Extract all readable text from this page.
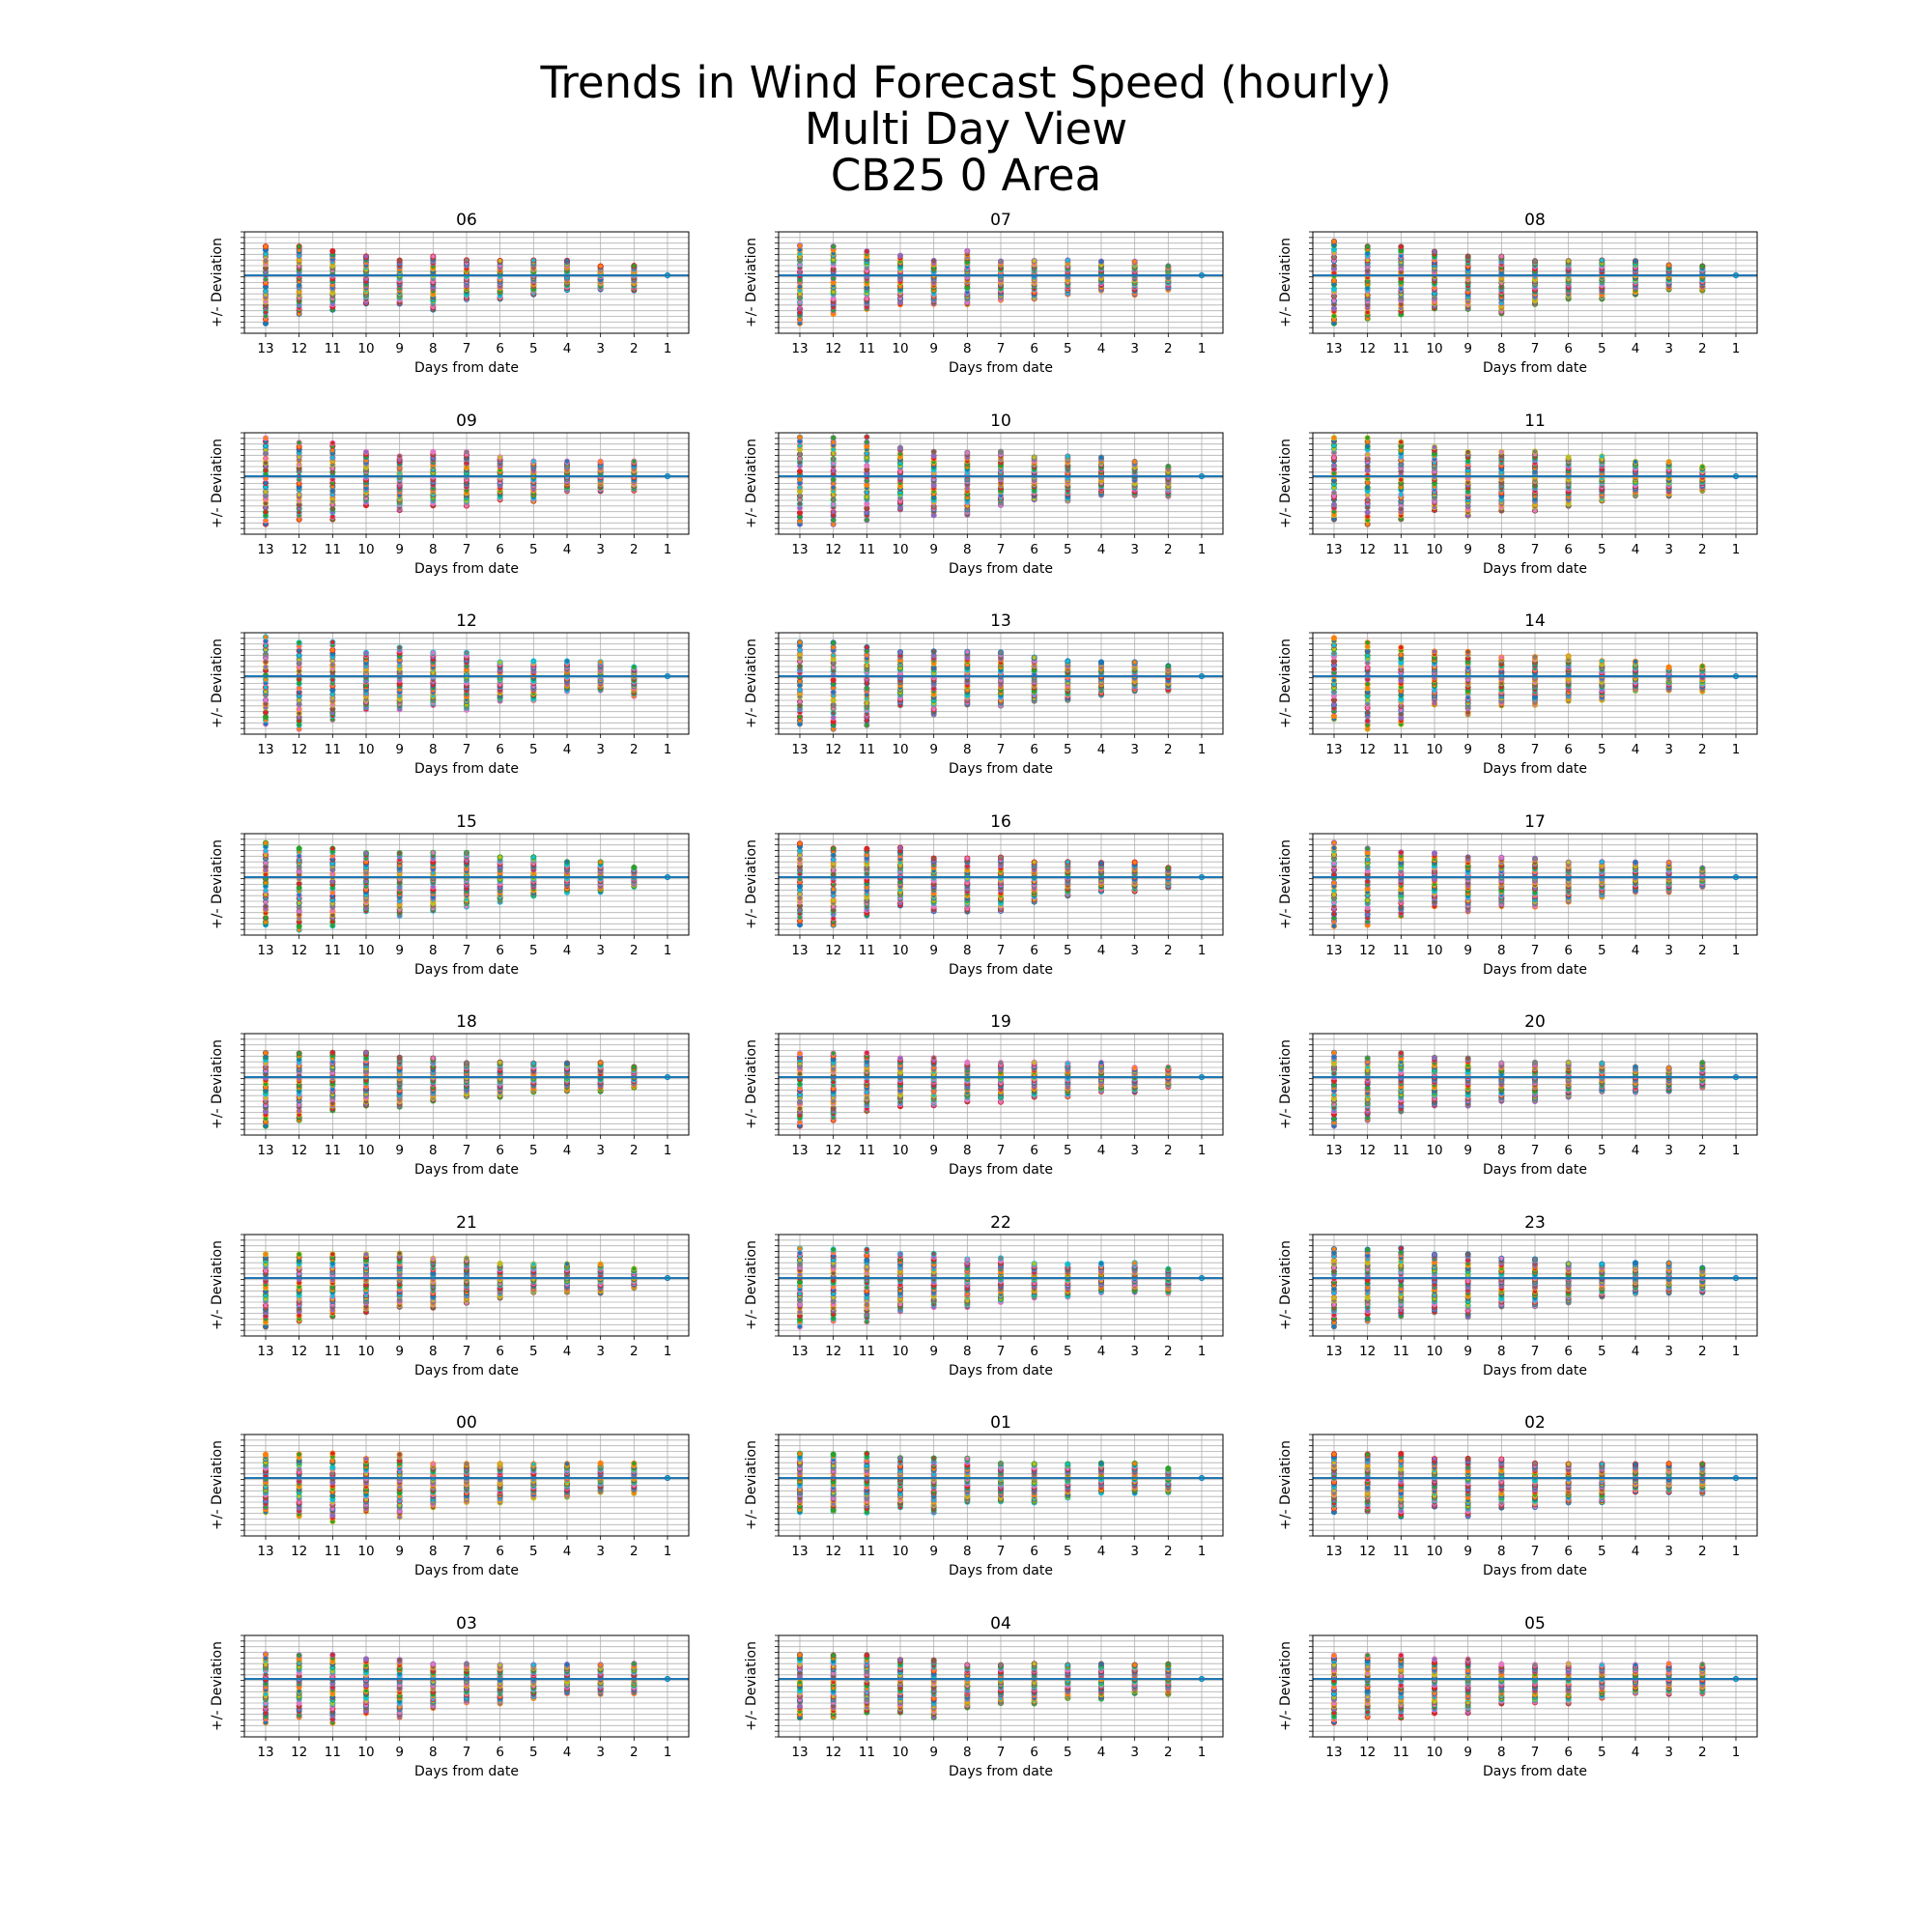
Trends in Wind Forecast Speed (hourly)
Multi Day View
CB25 0 Area
06
13 12 11 10 9 8 7 6 5 4 3 2 1
Days from date
+/- Deviation
07
13 12 11 10 9 8 7 6 5 4 3 2 1
Days from date
+/- Deviation
08
13 12 11 10 9 8 7 6 5 4 3 2 1
Days from date
+/- Deviation
09
13 12 11 10 9 8 7 6 5 4 3 2 1
Days from date
+/- Deviation
10
13 12 11 10 9 8 7 6 5 4 3 2 1
Days from date
+/- Deviation
11
13 12 11 10 9 8 7 6 5 4 3 2 1
Days from date
+/- Deviation
12
13 12 11 10 9 8 7 6 5 4 3 2 1
Days from date
+/- Deviation
13
13 12 11 10 9 8 7 6 5 4 3 2 1
Days from date
+/- Deviation
14
13 12 11 10 9 8 7 6 5 4 3 2 1
Days from date
+/- Deviation
15
13 12 11 10 9 8 7 6 5 4 3 2 1
Days from date
+/- Deviation
16
13 12 11 10 9 8 7 6 5 4 3 2 1
Days from date
+/- Deviation
17
13 12 11 10 9 8 7 6 5 4 3 2 1
Days from date
+/- Deviation
18
13 12 11 10 9 8 7 6 5 4 3 2 1
Days from date
+/- Deviation
19
13 12 11 10 9 8 7 6 5 4 3 2 1
Days from date
+/- Deviation
20
13 12 11 10 9 8 7 6 5 4 3 2 1
Days from date
+/- Deviation
21
13 12 11 10 9 8 7 6 5 4 3 2 1
Days from date
+/- Deviation
22
13 12 11 10 9 8 7 6 5 4 3 2 1
Days from date
+/- Deviation
23
13 12 11 10 9 8 7 6 5 4 3 2 1
Days from date
+/- Deviation
00
13 12 11 10 9 8 7 6 5 4 3 2 1
Days from date
+/- Deviation
01
13 12 11 10 9 8 7 6 5 4 3 2 1
Days from date
+/- Deviation
02
13 12 11 10 9 8 7 6 5 4 3 2 1
Days from date
+/- Deviation
03
13 12 11 10 9 8 7 6 5 4 3 2 1
Days from date
+/- Deviation
04
13 12 11 10 9 8 7 6 5 4 3 2 1
Days from date
+/- Deviation
05
13 12 11 10 9 8 7 6 5 4 3 2 1
Days from date
+/- Deviation
